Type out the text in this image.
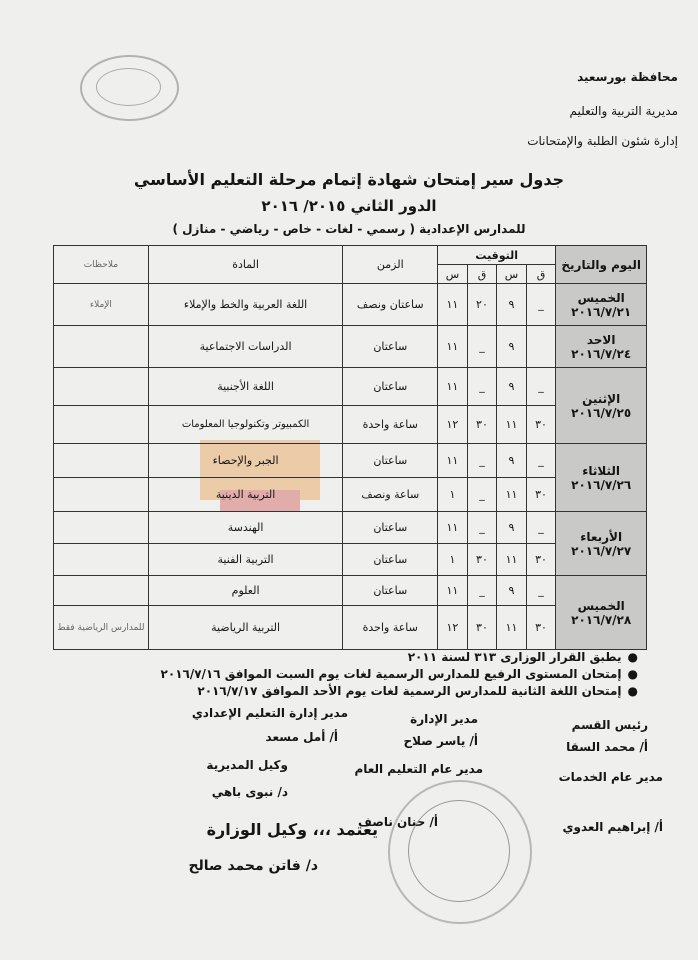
محافظة بورسعيد
مديرية التربية والتعليم
إدارة شئون الطلبة والإمتحانات
جدول سير إمتحان شهادة إتمام مرحلة التعليم الأساسي
الدور الثاني ٢٠١٥/ ٢٠١٦
للمدارس الإعدادية ( رسمي - لغات - خاص - رياضي - منازل )
اليوم والتاريخ	التوقيت				الزمن	المادة	ملاحظات
	ق	س	ق	س			

الخميس
٢٠١٦/٧/٢١	_	٩	٢٠	١١	ساعتان ونصف	اللغة العربية والخط والإملاء	الإملاء

الاحد
٢٠١٦/٧/٢٤		٩	_	١١	ساعتان	الدراسات الاجتماعية	

الإثنين
٢٠١٦/٧/٢٥	_	٩	_	١١	ساعتان	اللغة الأجنبية	
	٣٠	١١	٣٠	١٢	ساعة واحدة	الكمبيوتر وتكنولوجيا المعلومات	

الثلاثاء
٢٠١٦/٧/٢٦	_	٩	_	١١	ساعتان	الجبر والإحصاء	
	٣٠	١١	_	١	ساعة ونصف	التربية الدينية	

الأربعاء
٢٠١٦/٧/٢٧	_	٩	_	١١	ساعتان	الهندسة	
	٣٠	١١	٣٠	١	ساعتان	التربية الفنية	

الخميس
٢٠١٦/٧/٢٨	_	٩	_	١١	ساعتان	العلوم	
	٣٠	١١	٣٠	١٢	ساعة واحدة	التربية الرياضية	للمدارس الرياضية فقط
●يطبق القرار الوزارى ٣١٣ لسنة ٢٠١١
●إمتحان المستوى الرفيع للمدارس الرسمية لغات يوم السبت الموافق ٢٠١٦/٧/١٦
●إمتحان اللغة الثانية للمدارس الرسمية لغات يوم الأحد الموافق ٢٠١٦/٧/١٧
رئيس القسم
أ/ محمد السقا
مدير الإدارة
أ/ ياسر صلاح
مدير إدارة التعليم الإعدادي
أ/ أمل مسعد
مدير عام الخدمات
أ/ إبراهيم العدوي
مدير عام التعليم العام
أ/ حنان ناصف
وكيل المديرية
د/ نبوى باهي
يعتمد ،،، وكيل الوزارة
د/ فاتن محمد صالح
